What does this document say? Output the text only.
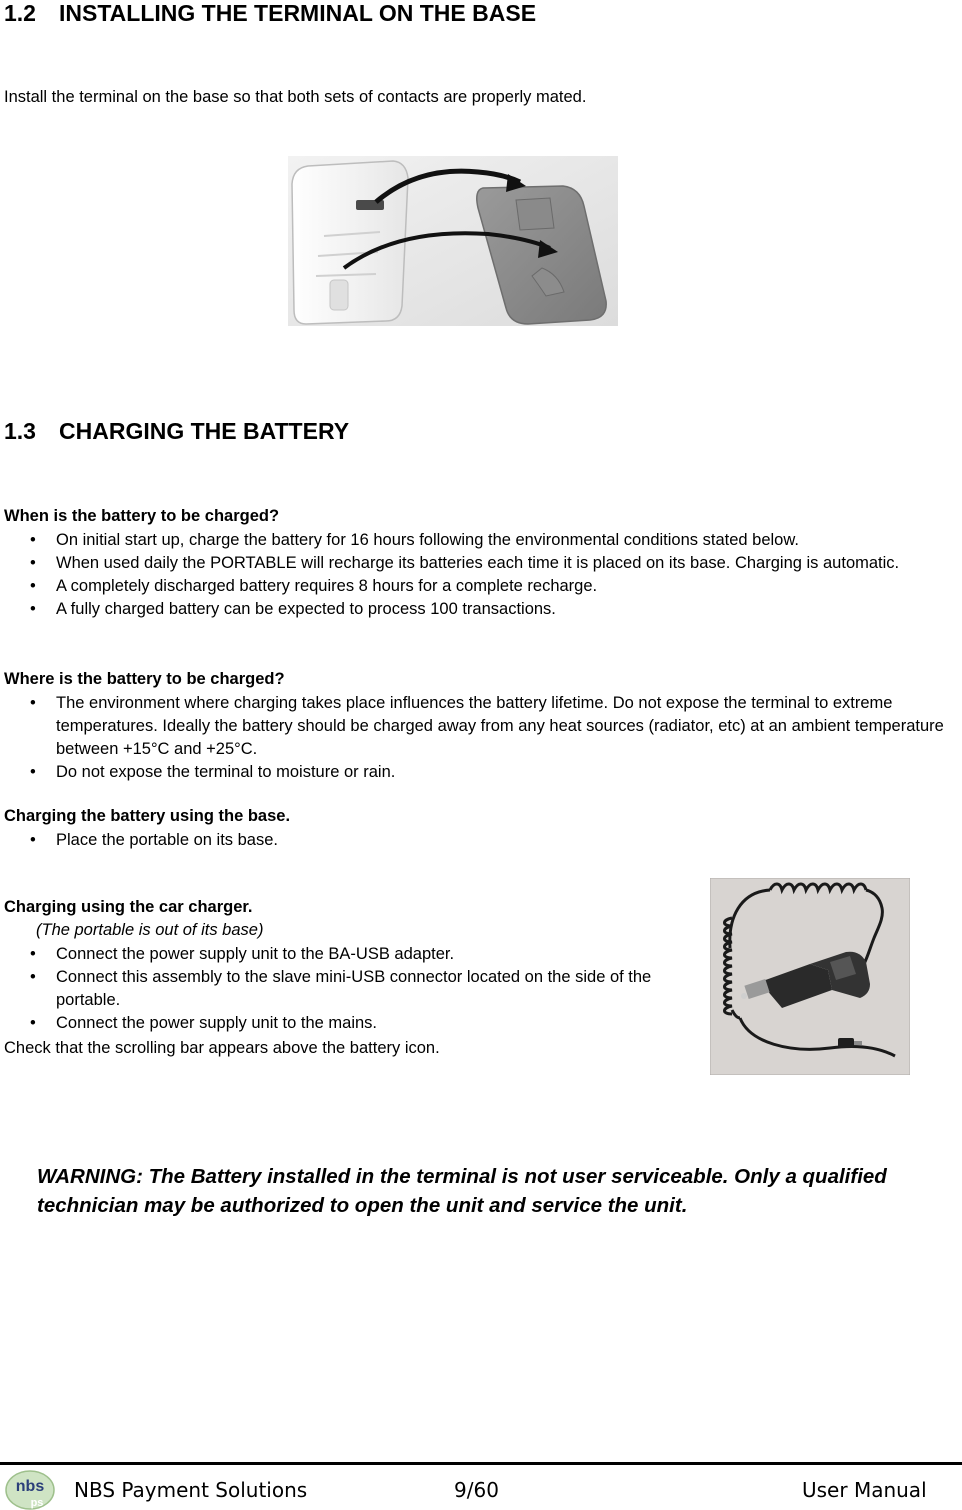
1.2 INSTALLING THE TERMINAL ON THE BASE
Install the terminal on the base so that both sets of contacts are properly mated.
1.3 CHARGING THE BATTERY
When is the battery to be charged?
• On initial start up, charge the battery for 16 hours following the environmental conditions stated below.
• When used daily the PORTABLE will recharge its batteries each time it is placed on its base. Charging is automatic.
• A completely discharged battery requires 8 hours for a complete recharge.
• A fully charged battery can be expected to process 100 transactions.
Where is the battery to be charged?
• The environment where charging takes place influences the battery lifetime. Do not expose the terminal to extreme temperatures. Ideally the battery should be charged away from any heat sources (radiator, etc) at an ambient temperature between +15°C and +25°C.
• Do not expose the terminal to moisture or rain.
Charging the battery using the base.
• Place the portable on its base.
Charging using the car charger.
(The portable is out of its base)
• Connect the power supply unit to the BA-USB adapter.
• Connect this assembly to the slave mini-USB connector located on the side of the portable.
• Connect the power supply unit to the mains.
Check that the scrolling bar appears above the battery icon.
WARNING: The Battery installed in the terminal is not user serviceable. Only a qualified technician may be authorized to open the unit and service the unit.
nbs
ps
NBS Payment Solutions	9/60	User Manual
